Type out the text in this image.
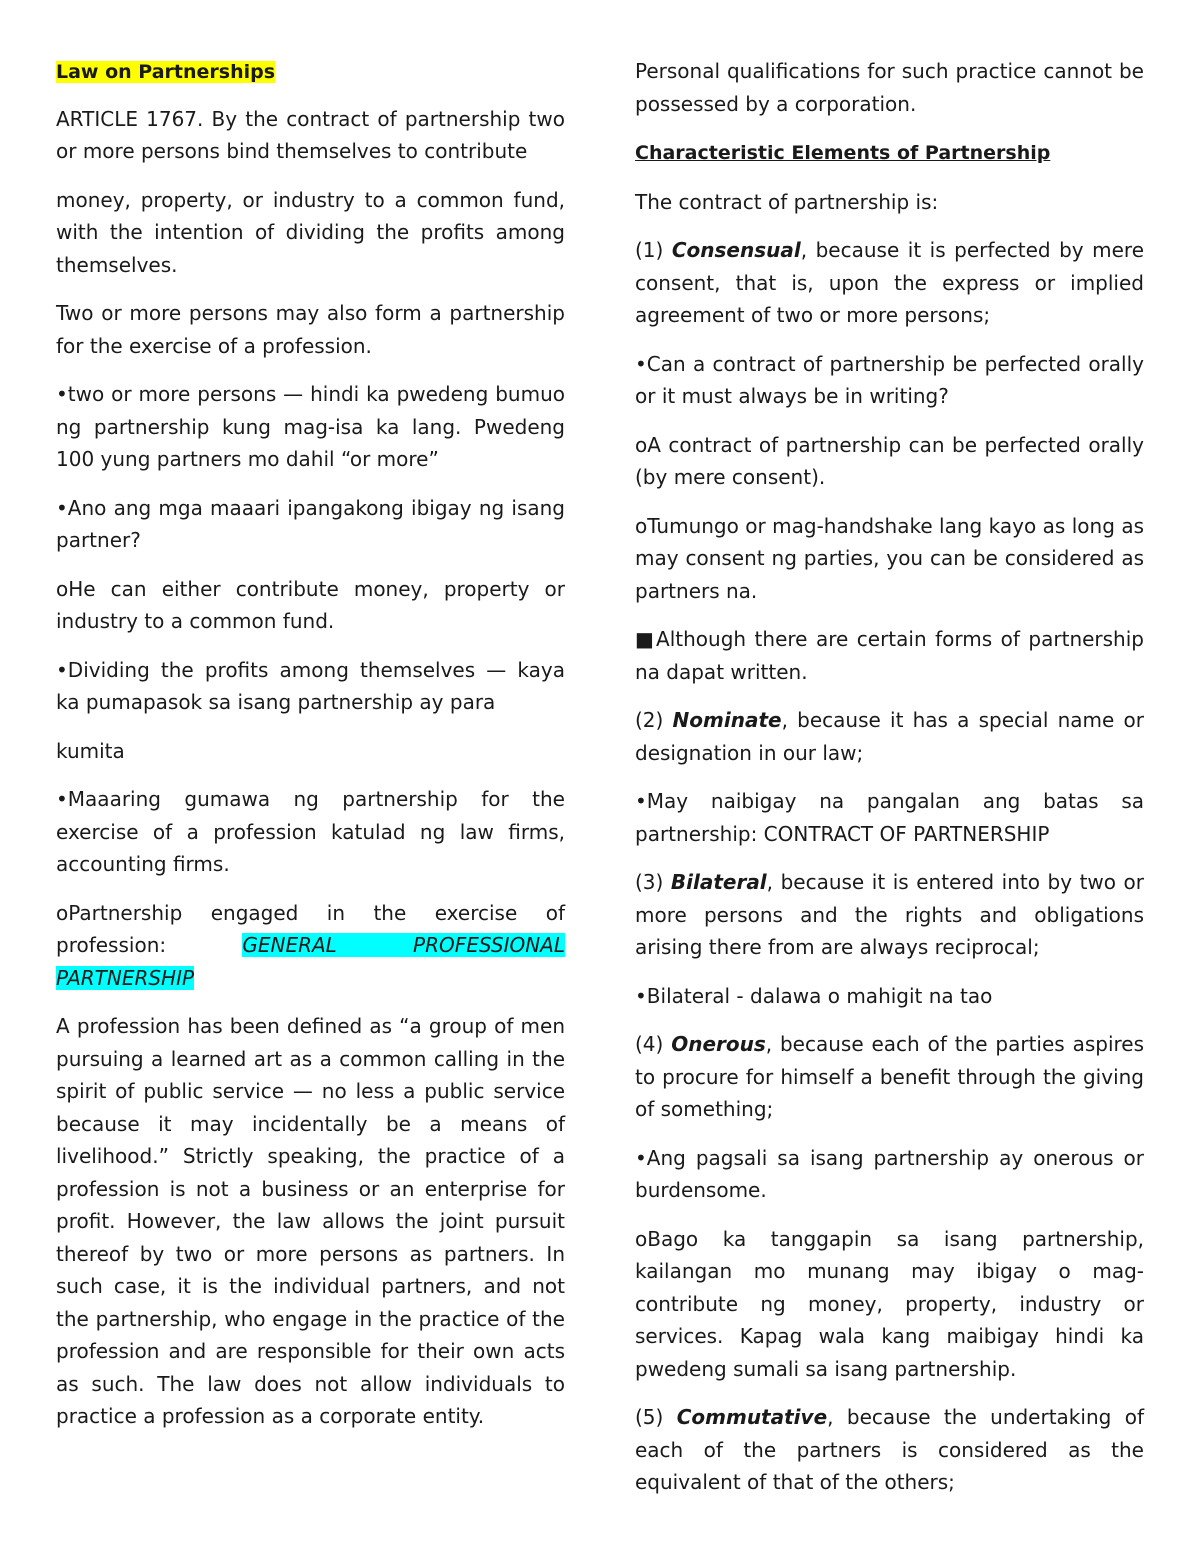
Law on Partnerships

ARTICLE 1767. By the contract of partnership two or more persons bind themselves to contribute

money, property, or industry to a common fund, with the intention of dividing the profits among themselves.

Two or more persons may also form a partnership for the exercise of a profession.

•two or more persons — hindi ka pwedeng bumuo ng partnership kung mag-isa ka lang. Pwedeng 100 yung partners mo dahil “or more”

•Ano ang mga maaari ipangakong ibigay ng isang partner?

oHe can either contribute money, property or industry to a common fund.

•Dividing the profits among themselves — kaya ka pumapasok sa isang partnership ay para

kumita

•Maaaring gumawa ng partnership for the exercise of a profession katulad ng law firms, accounting firms.

oPartnership engaged in the exercise of profession: GENERAL PROFESSIONAL PARTNERSHIP

A profession has been defined as “a group of men pursuing a learned art as a common calling in the spirit of public service — no less a public service because it may incidentally be a means of livelihood.” Strictly speaking, the practice of a profession is not a business or an enterprise for profit. However, the law allows the joint pursuit thereof by two or more persons as partners. In such case, it is the individual partners, and not the partnership, who engage in the practice of the profession and are responsible for their own acts as such. The law does not allow individuals to practice a profession as a corporate entity.

Personal qualifications for such practice cannot be possessed by a corporation.

Characteristic Elements of Partnership

The contract of partnership is:

(1) Consensual, because it is perfected by mere consent, that is, upon the express or implied agreement of two or more persons;

•Can a contract of partnership be perfected orally or it must always be in writing?

oA contract of partnership can be perfected orally (by mere consent).

oTumungo or mag-handshake lang kayo as long as may consent ng parties, you can be considered as partners na.

■Although there are certain forms of partnership na dapat written.

(2) Nominate, because it has a special name or designation in our law;

•May naibigay na pangalan ang batas sa partnership: CONTRACT OF PARTNERSHIP

(3) Bilateral, because it is entered into by two or more persons and the rights and obligations arising there from are always reciprocal;

•Bilateral - dalawa o mahigit na tao

(4) Onerous, because each of the parties aspires to procure for himself a benefit through the giving of something;

•Ang pagsali sa isang partnership ay onerous or burdensome.

oBago ka tanggapin sa isang partnership, kailangan mo munang may ibigay o mag-contribute ng money, property, industry or services. Kapag wala kang maibigay hindi ka pwedeng sumali sa isang partnership.

(5) Commutative, because the undertaking of each of the partners is considered as the equivalent of that of the others;
